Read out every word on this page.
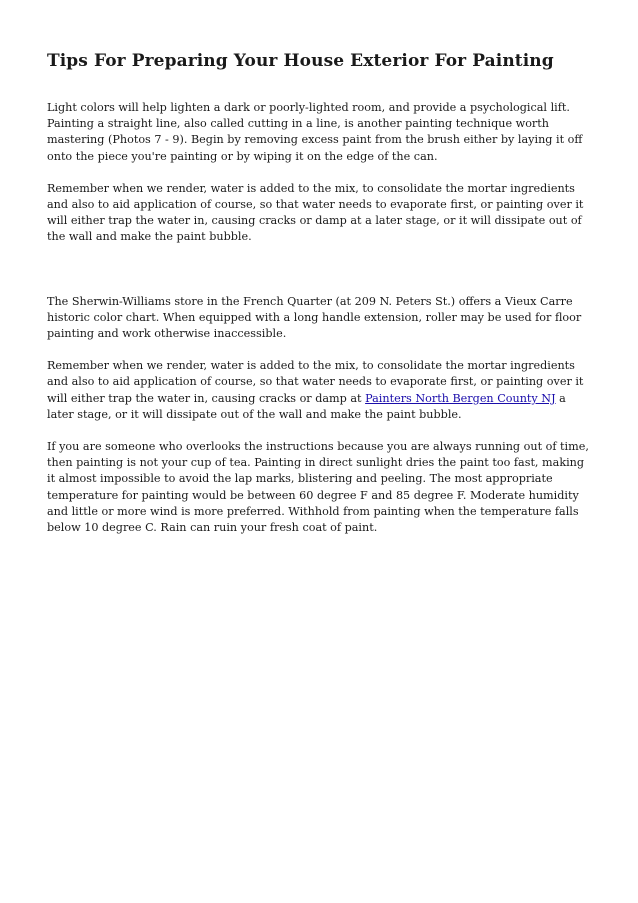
Tips For Preparing Your House Exterior For Painting

Light colors will help lighten a dark or poorly-lighted room, and provide a psychological lift. Painting a straight line, also called cutting in a line, is another painting technique worth mastering (Photos 7 - 9). Begin by removing excess paint from the brush either by laying it off onto the piece you're painting or by wiping it on the edge of the can.

Remember when we render, water is added to the mix, to consolidate the mortar ingredients and also to aid application of course, so that water needs to evaporate first, or painting over it will either trap the water in, causing cracks or damp at a later stage, or it will dissipate out of the wall and make the paint bubble.

The Sherwin-Williams store in the French Quarter (at 209 N. Peters St.) offers a Vieux Carre historic color chart. When equipped with a long handle extension, roller may be used for floor painting and work otherwise inaccessible.

Remember when we render, water is added to the mix, to consolidate the mortar ingredients and also to aid application of course, so that water needs to evaporate first, or painting over it will either trap the water in, causing cracks or damp at Painters North Bergen County NJ a later stage, or it will dissipate out of the wall and make the paint bubble.

If you are someone who overlooks the instructions because you are always running out of time, then painting is not your cup of tea. Painting in direct sunlight dries the paint too fast, making it almost impossible to avoid the lap marks, blistering and peeling. The most appropriate temperature for painting would be between 60 degree F and 85 degree F. Moderate humidity and little or more wind is more preferred. Withhold from painting when the temperature falls below 10 degree C. Rain can ruin your fresh coat of paint.
